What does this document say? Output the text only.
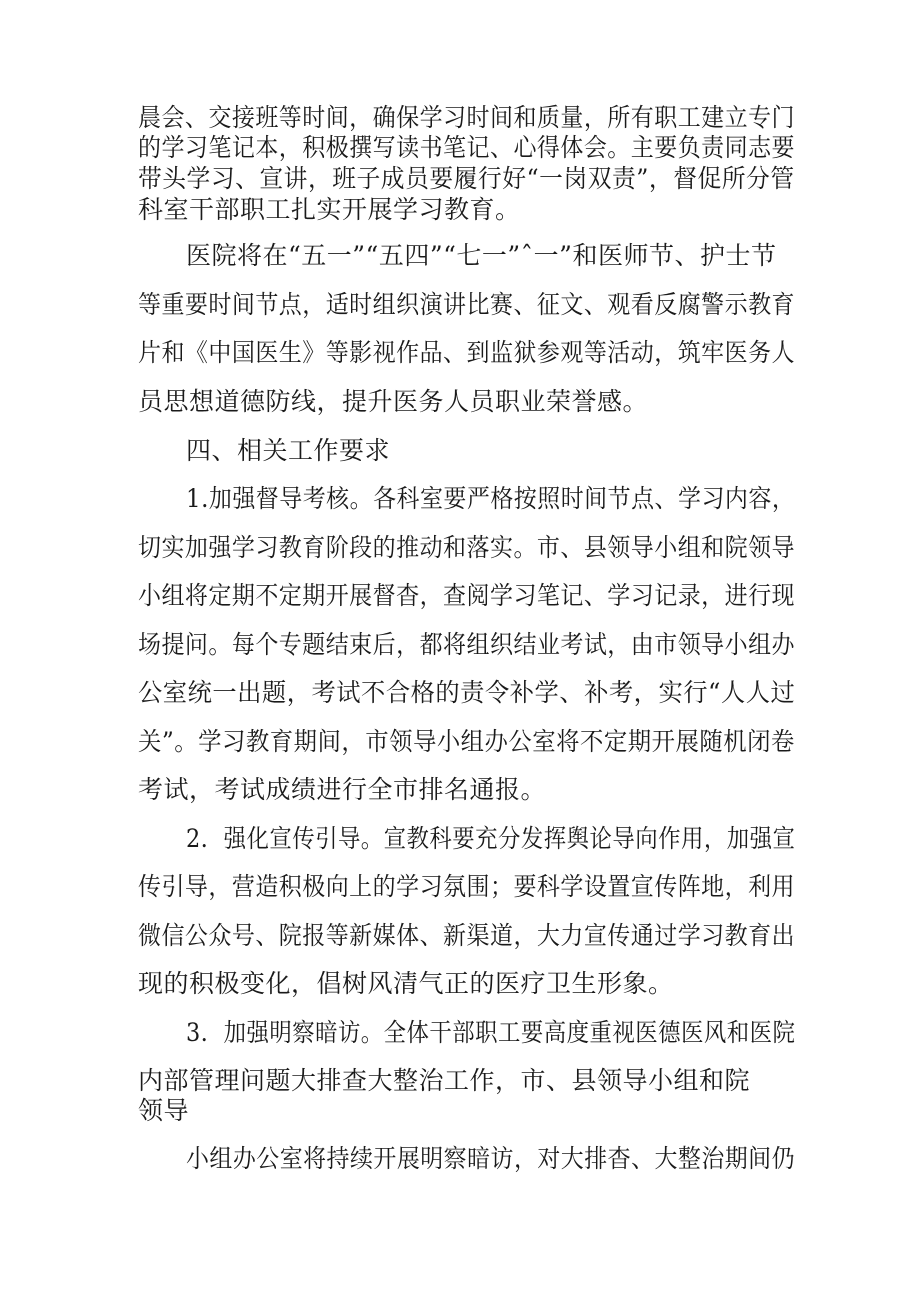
晨会、交接班等时间，确保学习时间和质量，所有职工建立专门
的学习笔记本，积极撰写读书笔记、心得体会。主要负责同志要
带头学习、宣讲，班子成员要履行好“一岗双责”，督促所分管
科室干部职工扎实开展学习教育。
医院将在“五一”“五四”“七一”ˆ一”和医师节、护士节
等重要时间节点，适时组织演讲比赛、征文、观看反腐警示教育
片和《中国医生》等影视作品、到监狱参观等活动，筑牢医务人
员思想道德防线，提升医务人员职业荣誉感。
四、相关工作要求
1.加强督导考核。各科室要严格按照时间节点、学习内容，
切实加强学习教育阶段的推动和落实。市、县领导小组和院领导
小组将定期不定期开展督杳，查阅学习笔记、学习记录，进行现
场提问。每个专题结束后，都将组织结业考试，由市领导小组办
公室统一出题，考试不合格的责令补学、补考，实行“人人过
关”。学习教育期间，市领导小组办公室将不定期开展随机闭卷
考试，考试成绩进行全市排名通报。
2．强化宣传引导。宣教科要充分发挥舆论导向作用，加强宣
传引导，营造积极向上的学习氛围；要科学设置宣传阵地，利用
微信公众号、院报等新媒体、新渠道，大力宣传通过学习教育出
现的积极变化，倡树风清气正的医疗卫生形象。
3．加强明察暗访。全体干部职工要高度重视医德医风和医院
内部管理问题大排查大整治工作，市、县领导小组和院
领导
小组办公室将持续开展明察暗访，对大排杳、大整治期间仍
